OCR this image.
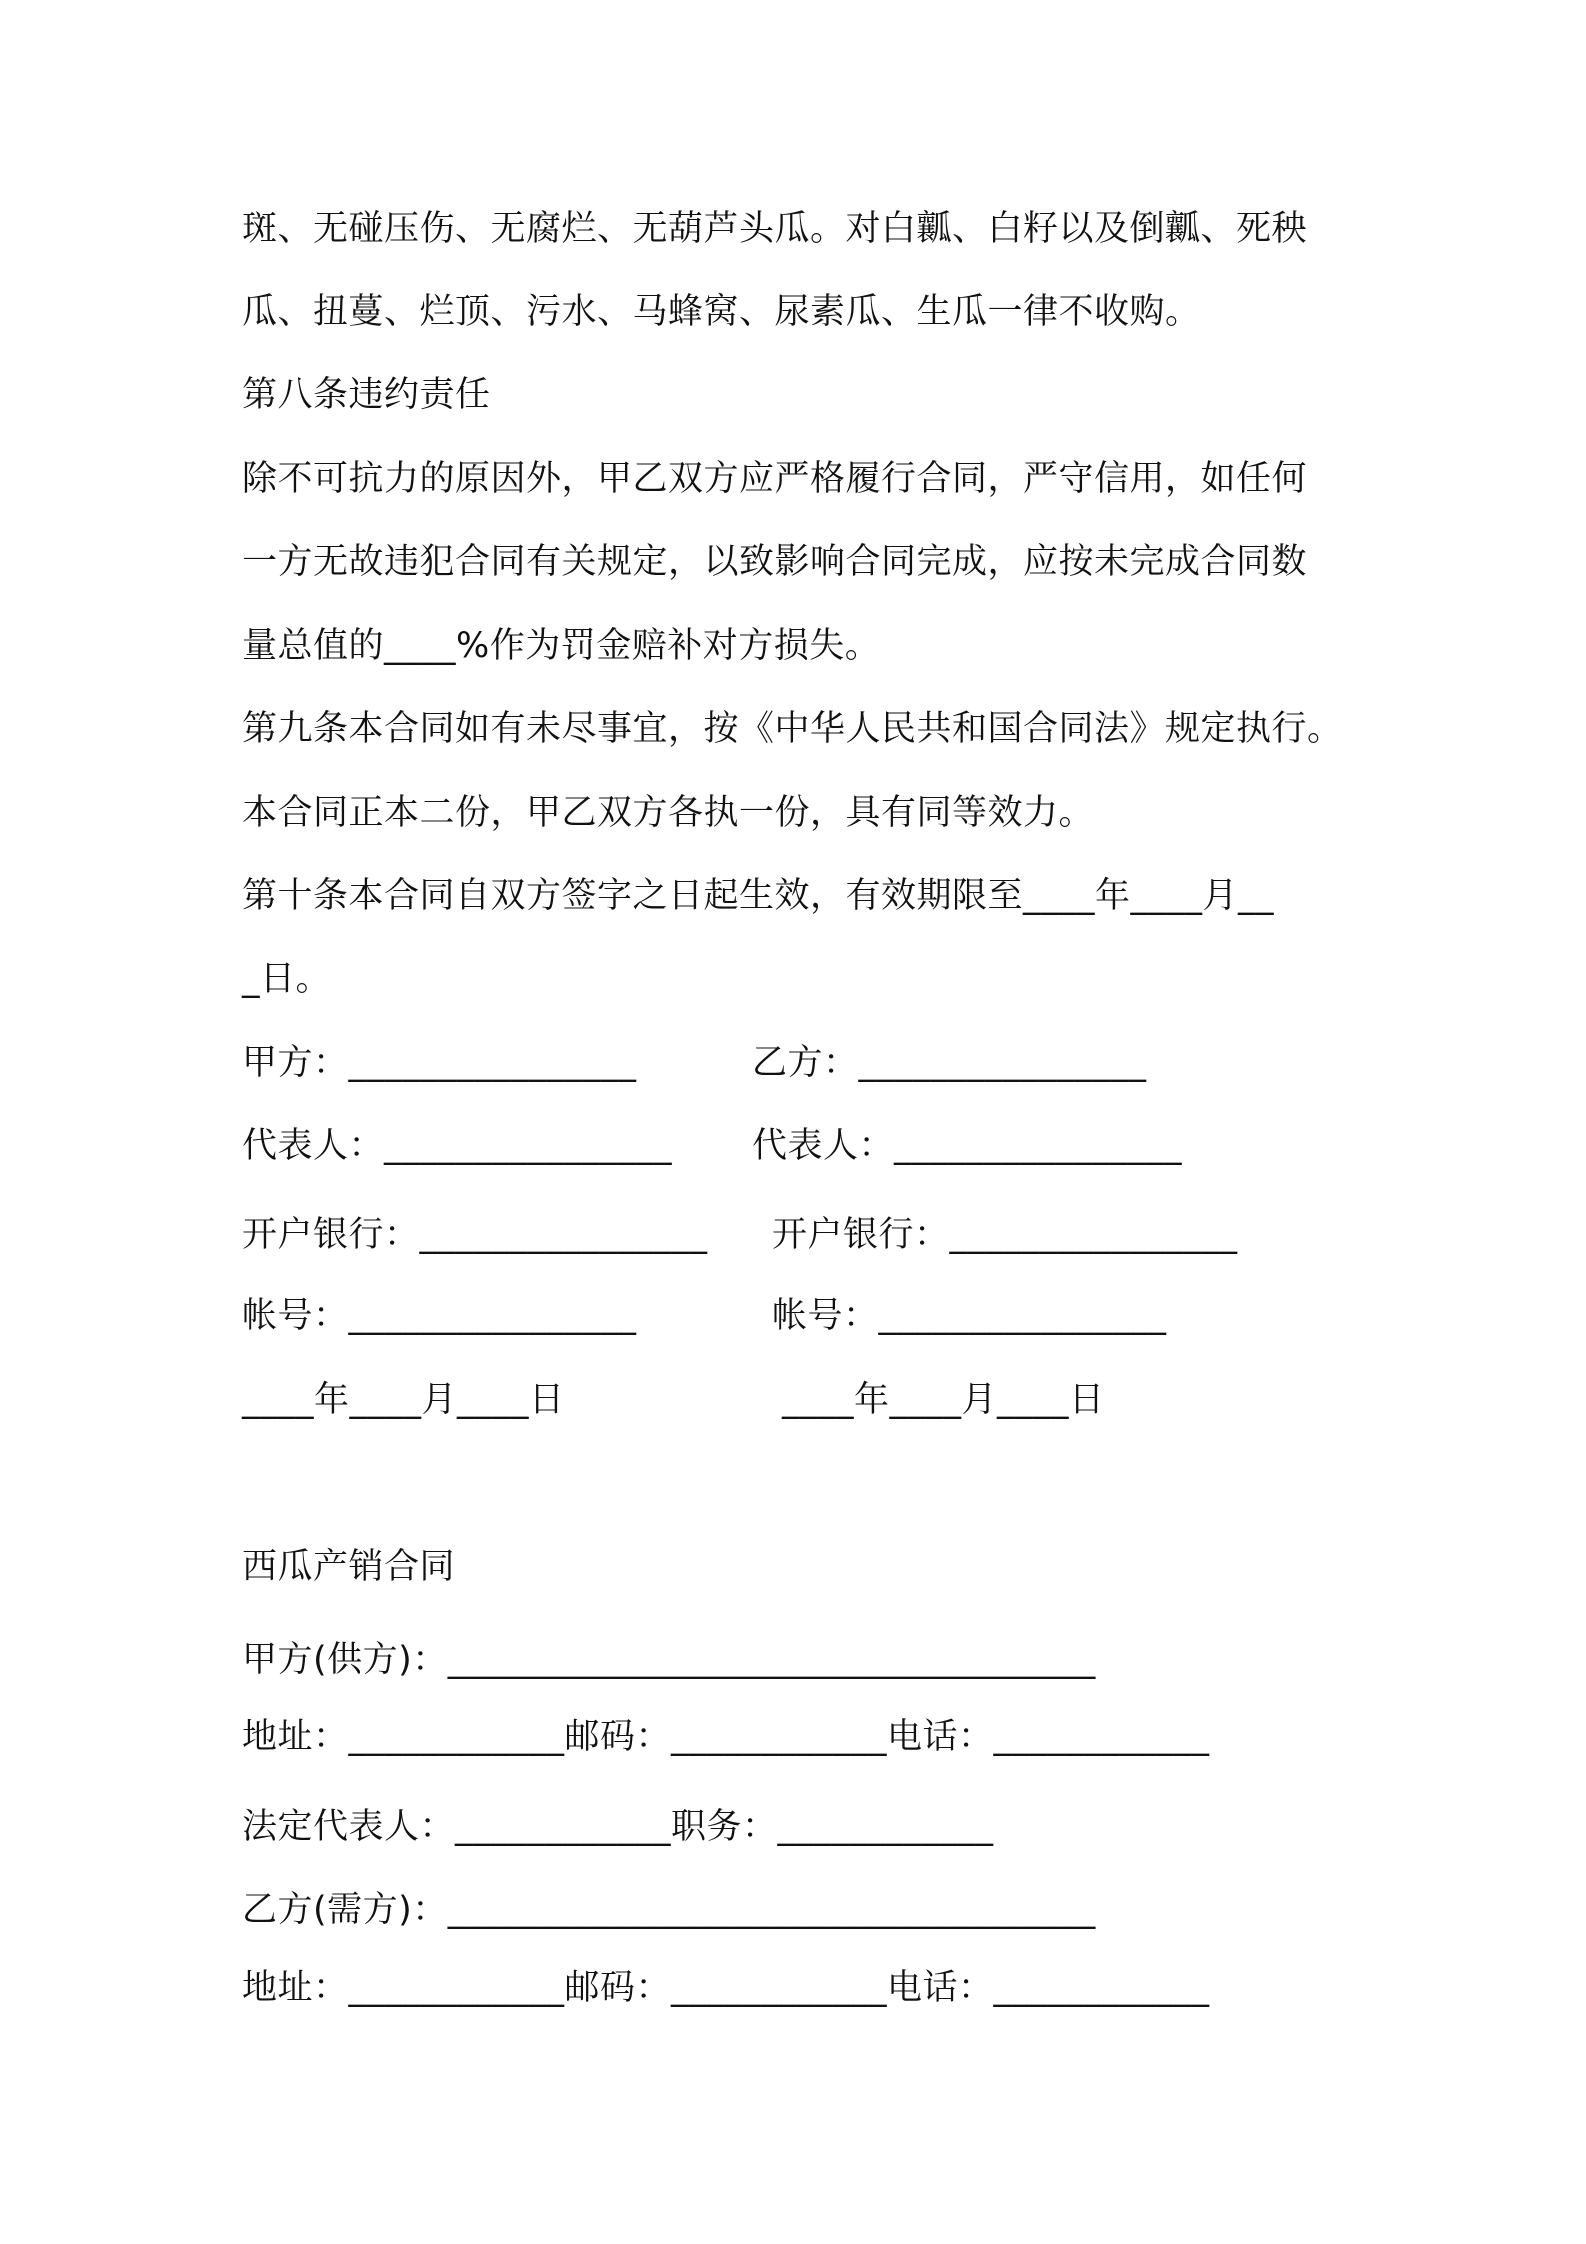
斑、无碰压伤、无腐烂、无葫芦头瓜。对白瓤、白籽以及倒瓤、死秧
瓜、扭蔓、烂顶、污水、马蜂窝、尿素瓜、生瓜一律不收购。
第八条违约责任
除不可抗力的原因外，甲乙双方应严格履行合同，严守信用，如任何
一方无故违犯合同有关规定，以致影响合同完成，应按未完成合同数
量总值的____%作为罚金赔补对方损失。
第九条本合同如有未尽事宜，按《中华人民共和国合同法》规定执行。
本合同正本二份，甲乙双方各执一份，具有同等效力。
第十条本合同自双方签字之日起生效，有效期限至____年____月__
_日。
甲方：________________	乙方：________________
代表人：________________ 代表人：________________
开户银行：________________ 开户银行：________________
帐号：________________	帐号：________________
____年____月____日	____年____月____日
西瓜产销合同
甲方(供方)：____________________________________
地址：____________邮码：____________电话：____________
法定代表人：____________职务：____________
乙方(需方)：____________________________________
地址：____________邮码：____________电话：____________
